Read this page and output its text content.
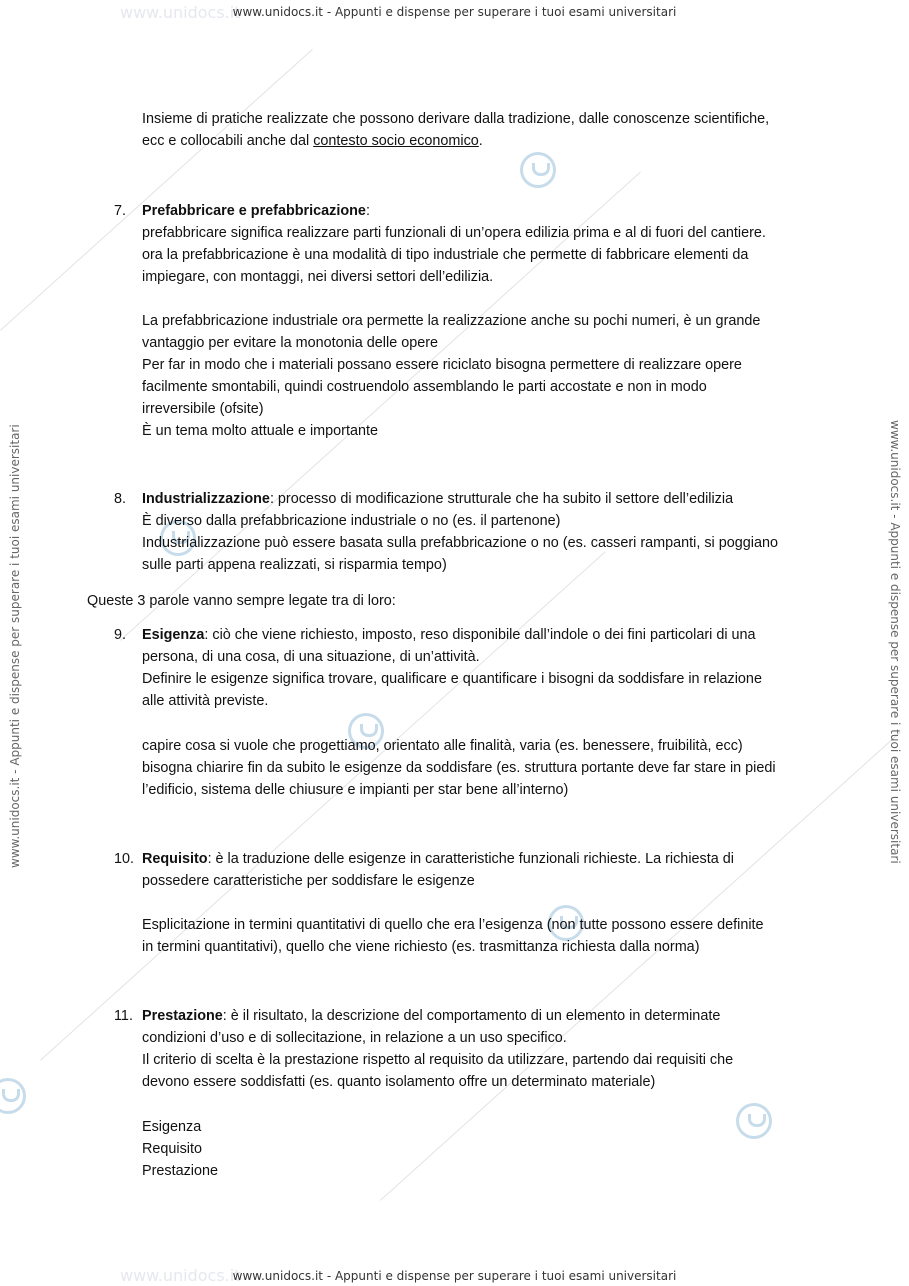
www.unidocs.it
www.unidocs.it
www.unidocs.it - Appunti e dispense per superare i tuoi esami universitari
www.unidocs.it - Appunti e dispense per superare i tuoi esami universitari
www.unidocs.it - Appunti e dispense per superare i tuoi esami universitari	www.unidocs.it - Appunti e dispense per superare i tuoi esami universitari
Insieme di pratiche realizzate che possono derivare dalla tradizione, dalle conoscenze scientifiche,
ecc e collocabili anche dal contesto socio economico.
7. Prefabbricare e prefabbricazione:
prefabbricare significa realizzare parti funzionali di un’opera edilizia prima e al di fuori del cantiere.
ora la prefabbricazione è una modalità di tipo industriale che permette di fabbricare elementi da
impiegare, con montaggi, nei diversi settori dell’edilizia.
La prefabbricazione industriale ora permette la realizzazione anche su pochi numeri, è un grande
vantaggio per evitare la monotonia delle opere
Per far in modo che i materiali possano essere riciclato bisogna permettere di realizzare opere
facilmente smontabili, quindi costruendolo assemblando le parti accostate e non in modo
irreversibile (ofsite)
È un tema molto attuale e importante
8. Industrializzazione: processo di modificazione strutturale che ha subito il settore dell’edilizia
È diverso dalla prefabbricazione industriale o no (es. il partenone)
Industrializzazione può essere basata sulla prefabbricazione o no (es. casseri rampanti, si poggiano
sulle parti appena realizzati, si risparmia tempo)
Queste 3 parole vanno sempre legate tra di loro:
9. Esigenza: ciò che viene richiesto, imposto, reso disponibile dall’indole o dei fini particolari di una
persona, di una cosa, di una situazione, di un’attività.
Definire le esigenze significa trovare, qualificare e quantificare i bisogni da soddisfare in relazione
alle attività previste.
capire cosa si vuole che progettiamo, orientato alle finalità, varia (es. benessere, fruibilità, ecc)
bisogna chiarire fin da subito le esigenze da soddisfare (es. struttura portante deve far stare in piedi
l’edificio, sistema delle chiusure e impianti per star bene all’interno)
10. Requisito: è la traduzione delle esigenze in caratteristiche funzionali richieste. La richiesta di
possedere caratteristiche per soddisfare le esigenze
Esplicitazione in termini quantitativi di quello che era l’esigenza (non tutte possono essere definite
in termini quantitativi), quello che viene richiesto (es. trasmittanza richiesta dalla norma)
11. Prestazione: è il risultato, la descrizione del comportamento di un elemento in determinate
condizioni d’uso e di sollecitazione, in relazione a un uso specifico.
Il criterio di scelta è la prestazione rispetto al requisito da utilizzare, partendo dai requisiti che
devono essere soddisfatti (es. quanto isolamento offre un determinato materiale)
Esigenza
Requisito
Prestazione
